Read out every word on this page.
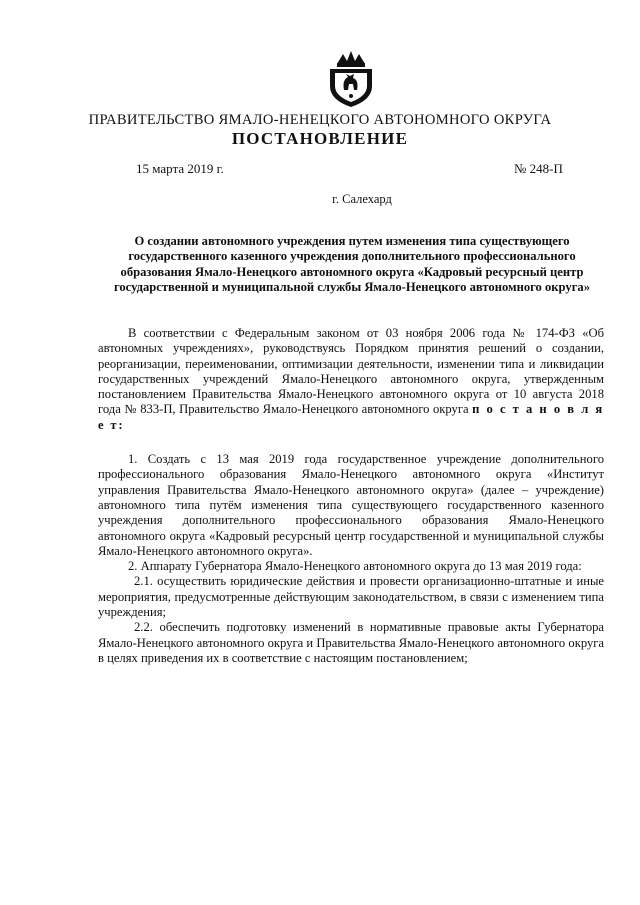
ПРАВИТЕЛЬСТВО ЯМАЛО-НЕНЕЦКОГО АВТОНОМНОГО ОКРУГА
ПОСТАНОВЛЕНИЕ
15 марта 2019 г.	№ 248-П
г. Салехард
О создании автономного учреждения путем изменения типа существующего государственного казенного учреждения дополнительного профессионального образования Ямало-Ненецкого автономного округа «Кадровый ресурсный центр государственной и муниципальной службы Ямало-Ненецкого автономного округа»

В соответствии с Федеральным законом от 03 ноября 2006 года № 174-ФЗ «Об автономных учреждениях», руководствуясь Порядком принятия решений о создании, реорганизации, переименовании, оптимизации деятельности, изменении типа и ликвидации государственных учреждений Ямало-Ненецкого автономного округа, утвержденным постановлением Правительства Ямало-Ненецкого автономного округа от 10 августа 2018 года № 833-П, Правительство Ямало-Ненецкого автономного округа п о с т а н о в л я е т:

1. Создать с 13 мая 2019 года государственное учреждение дополнительного профессионального образования Ямало-Ненецкого автономного округа «Институт управления Правительства Ямало-Ненецкого автономного округа» (далее – учреждение) автономного типа путём изменения типа существующего государственного казенного учреждения дополнительного профессионального образования Ямало-Ненецкого автономного округа «Кадровый ресурсный центр государственной и муниципальной службы Ямало-Ненецкого автономного округа».

2. Аппарату Губернатора Ямало-Ненецкого автономного округа до 13 мая 2019 года:

2.1. осуществить юридические действия и провести организационно-штатные и иные мероприятия, предусмотренные действующим законодательством, в связи с изменением типа учреждения;

2.2. обеспечить подготовку изменений в нормативные правовые акты Губернатора Ямало-Ненецкого автономного округа и Правительства Ямало-Ненецкого автономного округа в целях приведения их в соответствие с настоящим постановлением;
